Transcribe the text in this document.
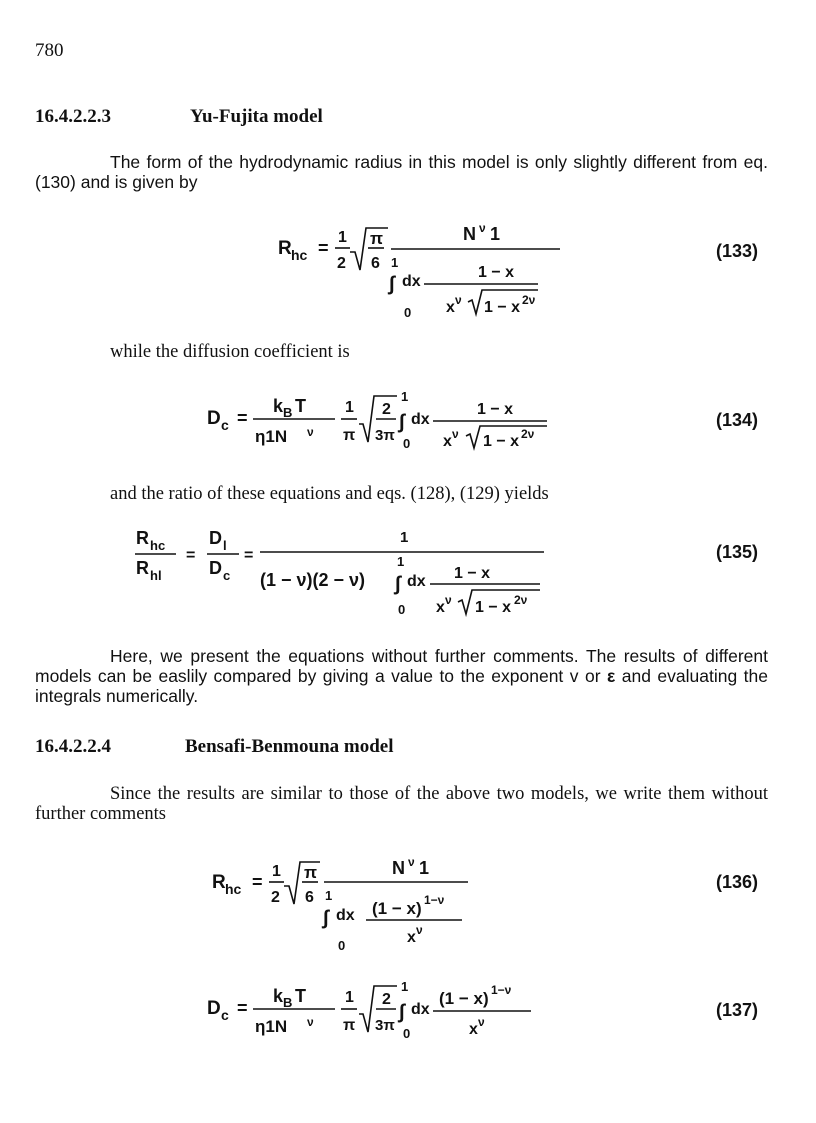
780
16.4.2.2.3	Yu-Fujita model
The form of the hydrodynamic radius in this model is only slightly different from eq. (130) and is given by
R hc =
1
2
π
6
N ν 1
1
∫ dx
1 − x
x ν 1 − x 2ν
0
(133)
while the diffusion coefficient is
D c =
k B T
η1N ν
1
π
2
3π
1
∫ dx
0
1 − x
x ν 1 − x 2ν
(134)
and the ratio of these equations and eqs. (128), (129) yields
R hc
R hl
=
D l
D c
=
1
(1 − ν)(2 − ν)
1
∫ dx
0
1 − x
x ν 1 − x 2ν
(135)
Here, we present the equations without further comments. The results of different models can be easlily compared by giving a value to the exponent v or ε and evaluating the integrals numerically.
16.4.2.2.4	Bensafi-Benmouna model
Since the results are similar to those of the above two models, we write them without further comments
R hc =
1
2
π
6
N ν 1
1
∫ dx
0
(1 − x) 1−ν
x ν
(136)
D c =
k B T
η1N ν
1
π
2
3π
1
∫ dx
0
(1 − x) 1−ν
x ν
(137)
